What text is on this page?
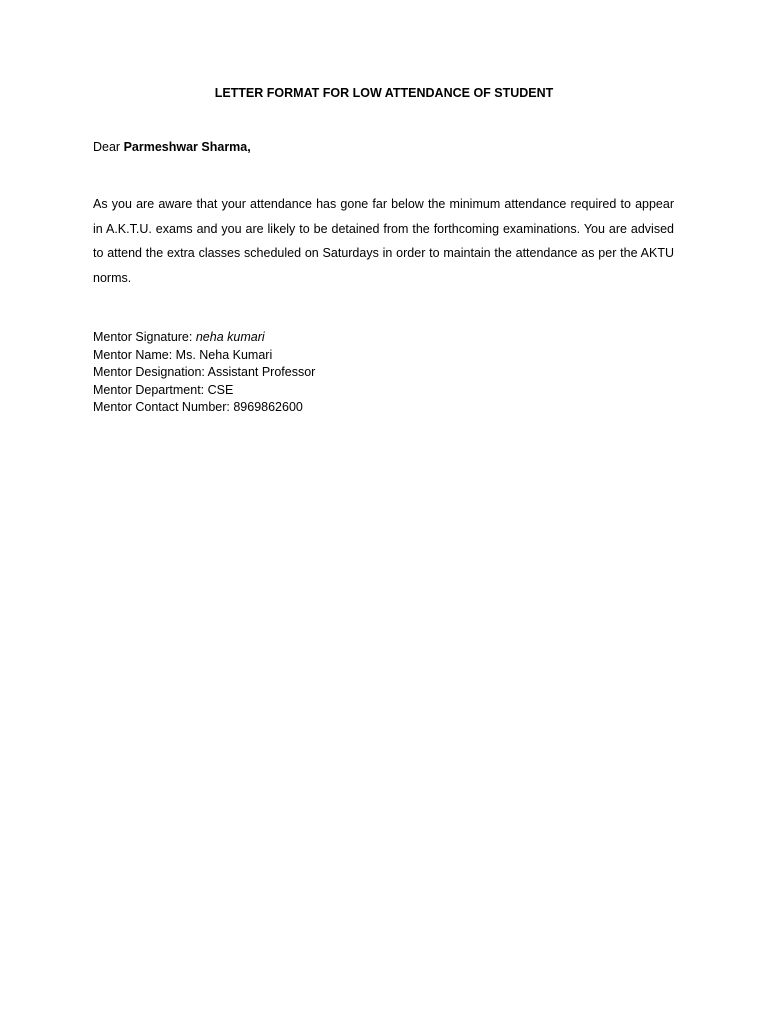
LETTER FORMAT FOR LOW ATTENDANCE OF STUDENT
Dear Parmeshwar Sharma,
As you are aware that your attendance has gone far below the minimum attendance required to appear in A.K.T.U. exams and you are likely to be detained from the forthcoming examinations. You are advised to attend the extra classes scheduled on Saturdays in order to maintain the attendance as per the AKTU norms.
Mentor Signature: neha kumari
Mentor Name: Ms. Neha Kumari
Mentor Designation: Assistant Professor
Mentor Department: CSE
Mentor Contact Number: 8969862600
